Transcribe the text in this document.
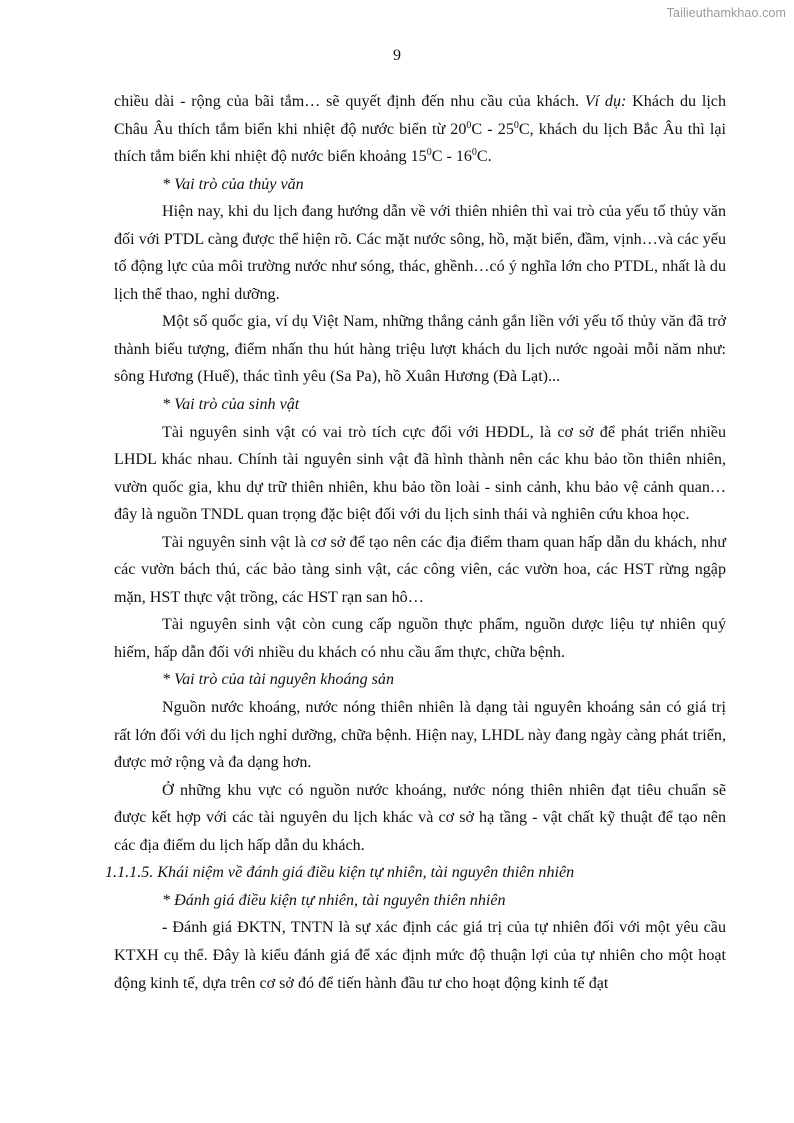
Tailieuthamkhao.com
9

chiều dài - rộng của bãi tắm… sẽ quyết định đến nhu cầu của khách. Ví dụ: Khách du lịch Châu Âu thích tắm biển khi nhiệt độ nước biển từ $20^0C - 25^0C$, khách du lịch Bắc Âu thì lại thích tắm biển khi nhiệt độ nước biển khoảng $15^0C - 16^0C$.

* Vai trò của thủy văn

Hiện nay, khi du lịch đang hướng dẫn về với thiên nhiên thì vai trò của yếu tố thủy văn đối với PTDL càng được thể hiện rõ. Các mặt nước sông, hồ, mặt biển, đầm, vịnh…và các yếu tố động lực của môi trường nước như sóng, thác, ghềnh…có ý nghĩa lớn cho PTDL, nhất là du lịch thể thao, nghỉ dưỡng.

Một số quốc gia, ví dụ Việt Nam, những thắng cảnh gắn liền với yếu tố thủy văn đã trở thành biểu tượng, điểm nhấn thu hút hàng triệu lượt khách du lịch nước ngoài mỗi năm như: sông Hương (Huế), thác tình yêu (Sa Pa), hồ Xuân Hương (Đà Lạt)...

* Vai trò của sinh vật

Tài nguyên sinh vật có vai trò tích cực đối với HĐDL, là cơ sở để phát triển nhiều LHDL khác nhau. Chính tài nguyên sinh vật đã hình thành nên các khu bảo tồn thiên nhiên, vườn quốc gia, khu dự trữ thiên nhiên, khu bảo tồn loài - sinh cảnh, khu bảo vệ cảnh quan… đây là nguồn TNDL quan trọng đặc biệt đối với du lịch sinh thái và nghiên cứu khoa học.

Tài nguyên sinh vật là cơ sở để tạo nên các địa điểm tham quan hấp dẫn du khách, như các vườn bách thú, các bảo tàng sinh vật, các công viên, các vườn hoa, các HST rừng ngập mặn, HST thực vật trồng, các HST rạn san hô…

Tài nguyên sinh vật còn cung cấp nguồn thực phẩm, nguồn dược liệu tự nhiên quý hiếm, hấp dẫn đối với nhiều du khách có nhu cầu ẩm thực, chữa bệnh.

* Vai trò của tài nguyên khoáng sản

Nguồn nước khoáng, nước nóng thiên nhiên là dạng tài nguyên khoáng sản có giá trị rất lớn đối với du lịch nghỉ dưỡng, chữa bệnh. Hiện nay, LHDL này đang ngày càng phát triển, được mở rộng và đa dạng hơn.

Ở những khu vực có nguồn nước khoáng, nước nóng thiên nhiên đạt tiêu chuẩn sẽ được kết hợp với các tài nguyên du lịch khác và cơ sở hạ tầng - vật chất kỹ thuật để tạo nên các địa điểm du lịch hấp dẫn du khách.

1.1.1.5. Khái niệm về đánh giá điều kiện tự nhiên, tài nguyên thiên nhiên

* Đánh giá điều kiện tự nhiên, tài nguyên thiên nhiên

- Đánh giá ĐKTN, TNTN là sự xác định các giá trị của tự nhiên đối với một yêu cầu KTXH cụ thể. Đây là kiểu đánh giá để xác định mức độ thuận lợi của tự nhiên cho một hoạt động kinh tế, dựa trên cơ sở đó để tiến hành đầu tư cho hoạt động kinh tế đạt
